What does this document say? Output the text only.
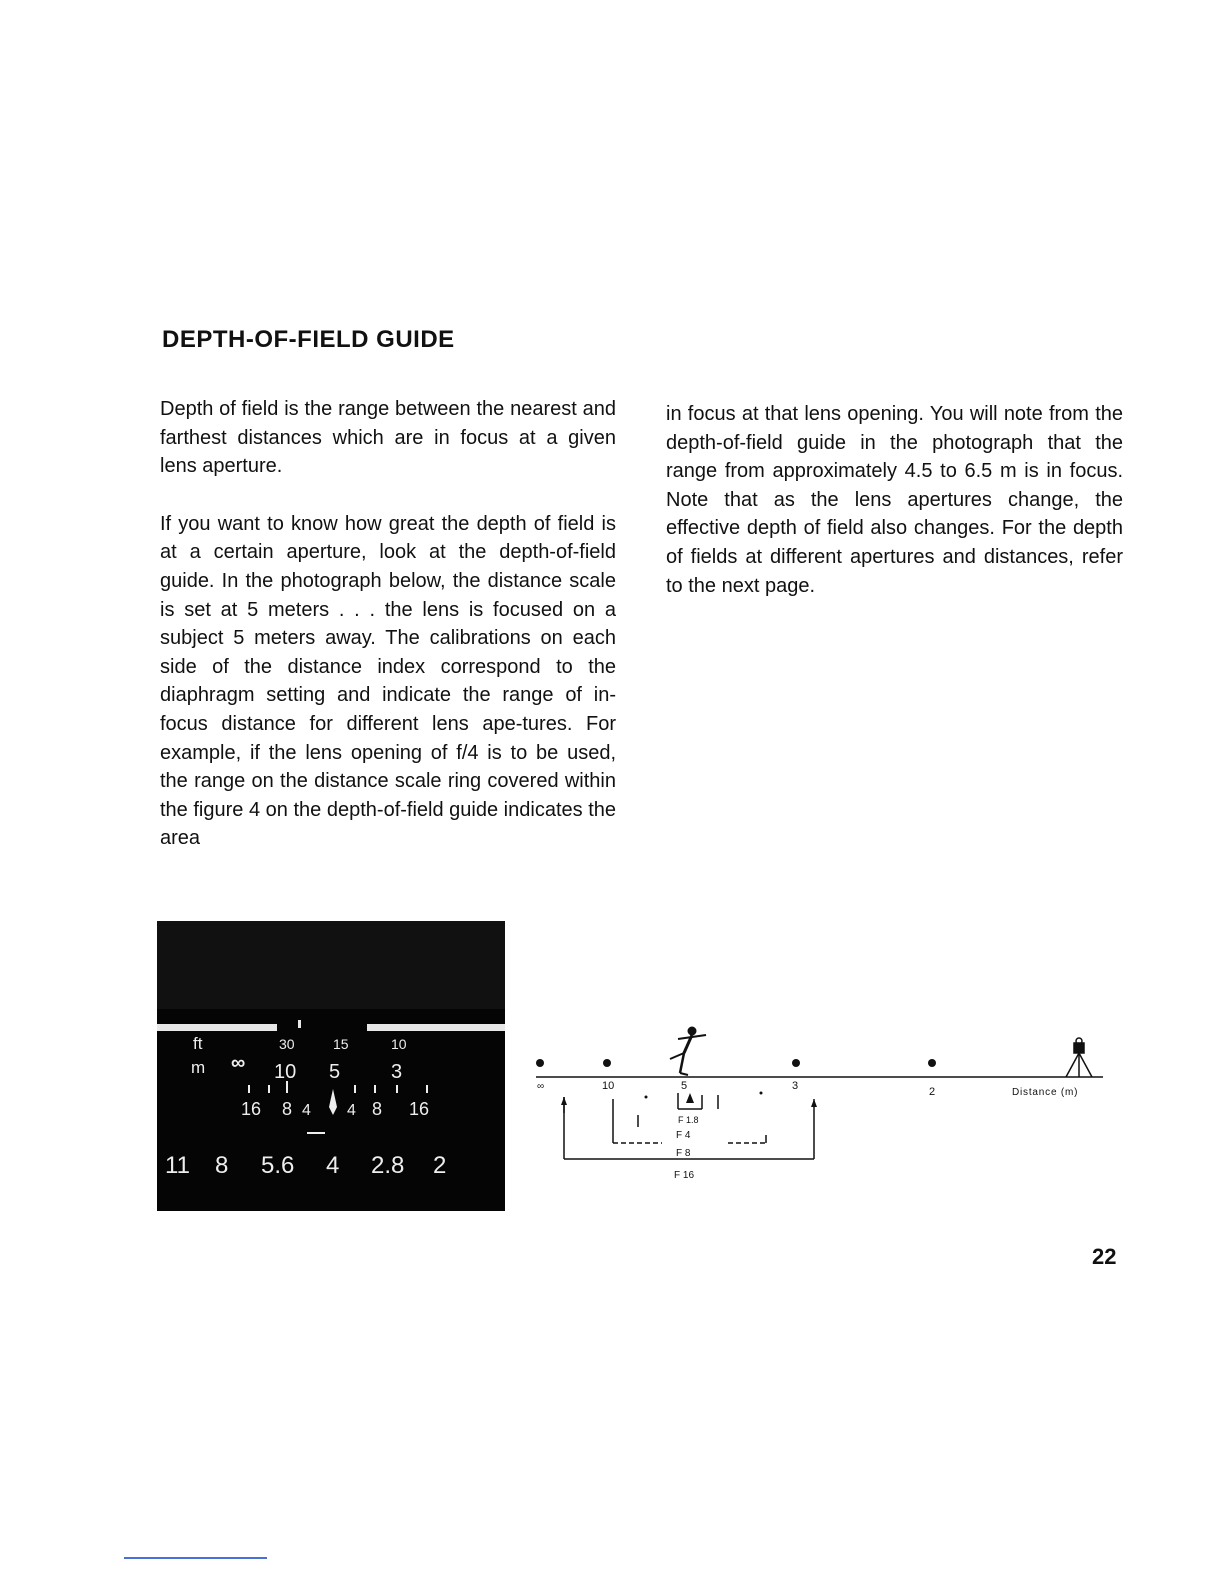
DEPTH-OF-FIELD GUIDE

Depth of field is the range between the nearest and farthest distances which are in focus at a given lens aperture.

If you want to know how great the depth of field is at a certain aperture, look at the depth-of-field guide. In the photograph below, the distance scale is set at 5 meters . . . the lens is focused on a subject 5 meters away. The calibrations on each side of the distance index correspond to the diaphragm setting and indicate the range of in-focus distance for different lens ape-tures. For example, if the lens opening of f/4 is to be used, the range on the distance scale ring covered within the figure 4 on the depth-of-field guide indicates the area

in focus at that lens opening. You will note from the depth-of-field guide in the photograph that the range from approximately 4.5 to 6.5 m is in focus. Note that as the lens apertures change, the effective depth of field also changes. For the depth of fields at different apertures and distances, refer to the next page.

ft
m ∞
30	15	10
10 5	3
16 8 4 4 8 16
11 8 5.6 4 2.8 2
∞	10	5	3	2	Distance (m)
F 1.8
F 4
F 8
F 16
22
